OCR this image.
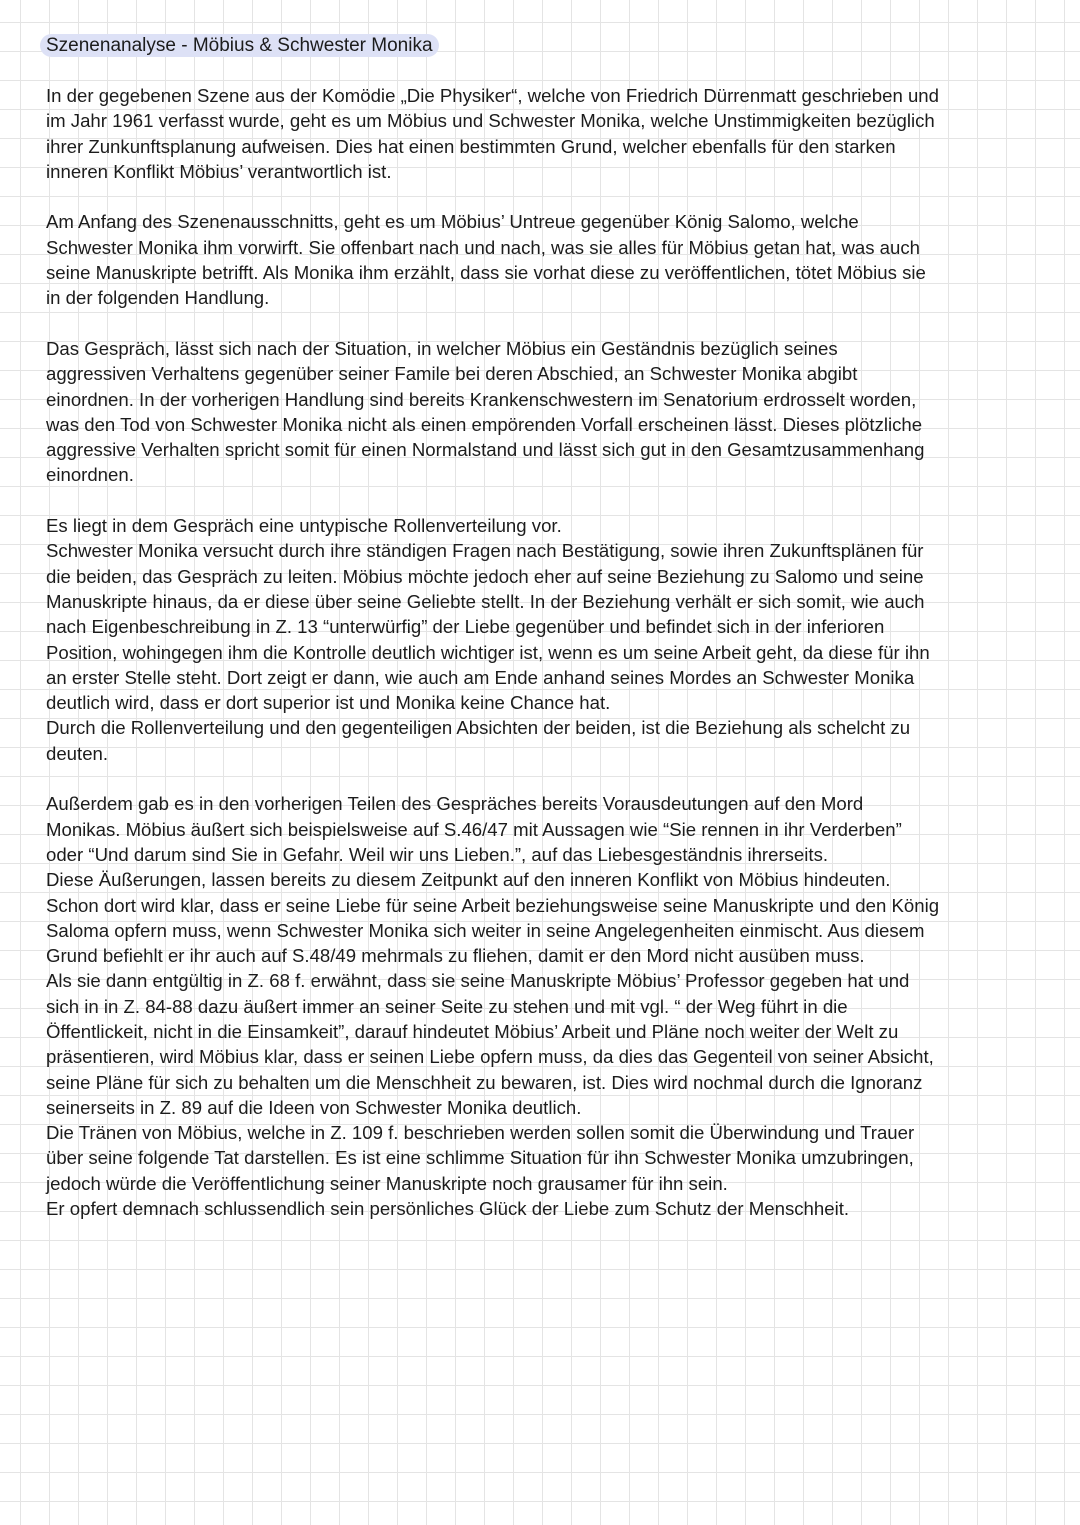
Szenenanalyse - Möbius & Schwester Monika
In der gegebenen Szene aus der Komödie „Die Physiker“, welche von Friedrich Dürrenmatt geschrieben und
im Jahr 1961 verfasst wurde, geht es um Möbius und Schwester Monika, welche Unstimmigkeiten bezüglich
ihrer Zunkunftsplanung aufweisen. Dies hat einen bestimmten Grund, welcher ebenfalls für den starken
inneren Konflikt Möbius’ verantwortlich ist.
Am Anfang des Szenenausschnitts, geht es um Möbius’ Untreue gegenüber König Salomo, welche
Schwester Monika ihm vorwirft. Sie offenbart nach und nach, was sie alles für Möbius getan hat, was auch
seine Manuskripte betrifft. Als Monika ihm erzählt, dass sie vorhat diese zu veröffentlichen, tötet Möbius sie
in der folgenden Handlung.
Das Gespräch, lässt sich nach der Situation, in welcher Möbius ein Geständnis bezüglich seines
aggressiven Verhaltens gegenüber seiner Famile bei deren Abschied, an Schwester Monika abgibt
einordnen. In der vorherigen Handlung sind bereits Krankenschwestern im Senatorium erdrosselt worden,
was den Tod von Schwester Monika nicht als einen empörenden Vorfall erscheinen lässt. Dieses plötzliche
aggressive Verhalten spricht somit für einen Normalstand und lässt sich gut in den Gesamtzusammenhang
einordnen.
Es liegt in dem Gespräch eine untypische Rollenverteilung vor.
Schwester Monika versucht durch ihre ständigen Fragen nach Bestätigung, sowie ihren Zukunftsplänen für
die beiden, das Gespräch zu leiten. Möbius möchte jedoch eher auf seine Beziehung zu Salomo und seine
Manuskripte hinaus, da er diese über seine Geliebte stellt. In der Beziehung verhält er sich somit, wie auch
nach Eigenbeschreibung in Z. 13 “unterwürfig” der Liebe gegenüber und befindet sich in der inferioren
Position, wohingegen ihm die Kontrolle deutlich wichtiger ist, wenn es um seine Arbeit geht, da diese für ihn
an erster Stelle steht. Dort zeigt er dann, wie auch am Ende anhand seines Mordes an Schwester Monika
deutlich wird, dass er dort superior ist und Monika keine Chance hat.
Durch die Rollenverteilung und den gegenteiligen Absichten der beiden, ist die Beziehung als schelcht zu
deuten.
Außerdem gab es in den vorherigen Teilen des Gespräches bereits Vorausdeutungen auf den Mord
Monikas. Möbius äußert sich beispielsweise auf S.46/47 mit Aussagen wie “Sie rennen in ihr Verderben”
oder “Und darum sind Sie in Gefahr. Weil wir uns Lieben.”, auf das Liebesgeständnis ihrerseits.
Diese Äußerungen, lassen bereits zu diesem Zeitpunkt auf den inneren Konflikt von Möbius hindeuten.
Schon dort wird klar, dass er seine Liebe für seine Arbeit beziehungsweise seine Manuskripte und den König
Saloma opfern muss, wenn Schwester Monika sich weiter in seine Angelegenheiten einmischt. Aus diesem
Grund befiehlt er ihr auch auf S.48/49 mehrmals zu fliehen, damit er den Mord nicht ausüben muss.
Als sie dann entgültig in Z. 68 f. erwähnt, dass sie seine Manuskripte Möbius’ Professor gegeben hat und
sich in in Z. 84-88 dazu äußert immer an seiner Seite zu stehen und mit vgl. “ der Weg führt in die
Öffentlickeit, nicht in die Einsamkeit”, darauf hindeutet Möbius’ Arbeit und Pläne noch weiter der Welt zu
präsentieren, wird Möbius klar, dass er seinen Liebe opfern muss, da dies das Gegenteil von seiner Absicht,
seine Pläne für sich zu behalten um die Menschheit zu bewaren, ist. Dies wird nochmal durch die Ignoranz
seinerseits in Z. 89 auf die Ideen von Schwester Monika deutlich.
Die Tränen von Möbius, welche in Z. 109 f. beschrieben werden sollen somit die Überwindung und Trauer
über seine folgende Tat darstellen. Es ist eine schlimme Situation für ihn Schwester Monika umzubringen,
jedoch würde die Veröffentlichung seiner Manuskripte noch grausamer für ihn sein.
Er opfert demnach schlussendlich sein persönliches Glück der Liebe zum Schutz der Menschheit.
